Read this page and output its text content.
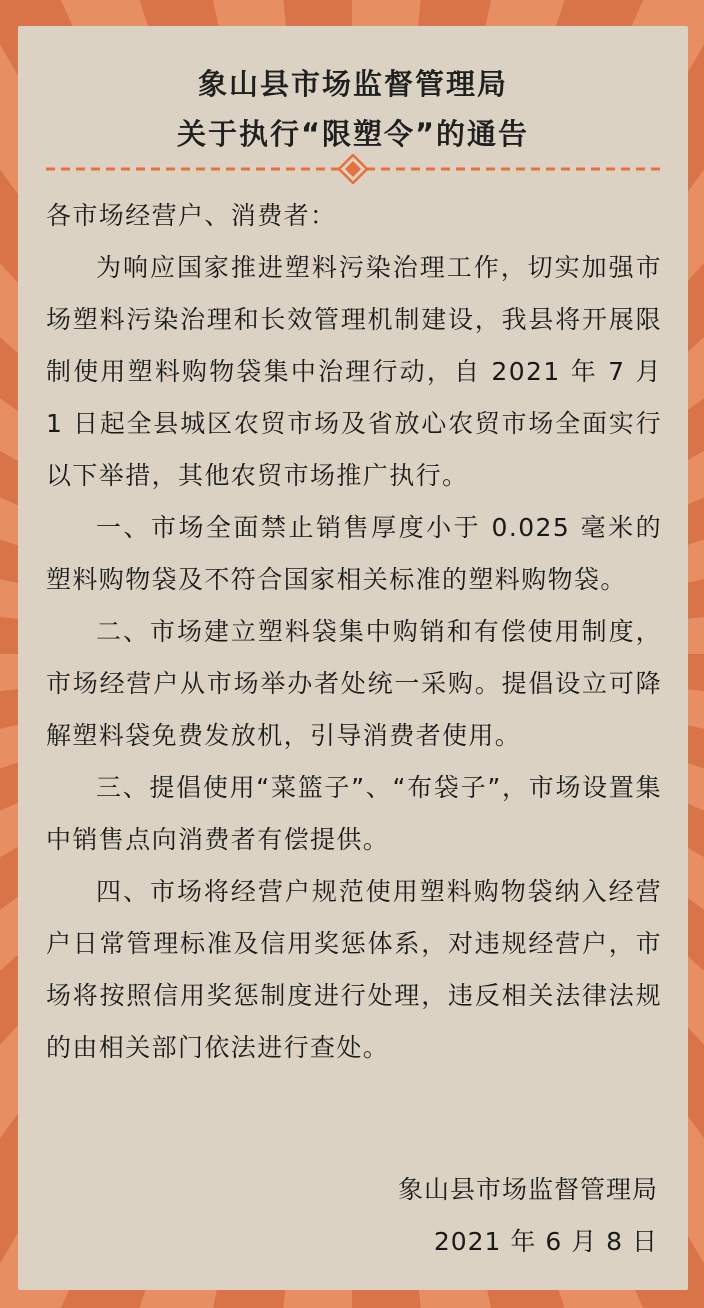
象山县市场监督管理局
关于执行“限塑令”的通告

各市场经营户、消费者：

为响应国家推进塑料污染治理工作，切实加强市场塑料污染治理和长效管理机制建设，我县将开展限制使用塑料购物袋集中治理行动，自 2021 年 7 月 1 日起全县城区农贸市场及省放心农贸市场全面实行以下举措，其他农贸市场推广执行。

一、市场全面禁止销售厚度小于 0.025 毫米的塑料购物袋及不符合国家相关标准的塑料购物袋。

二、市场建立塑料袋集中购销和有偿使用制度，市场经营户从市场举办者处统一采购。提倡设立可降解塑料袋免费发放机，引导消费者使用。

三、提倡使用“菜篮子”、“布袋子”，市场设置集中销售点向消费者有偿提供。

四、市场将经营户规范使用塑料购物袋纳入经营户日常管理标准及信用奖惩体系，对违规经营户，市场将按照信用奖惩制度进行处理，违反相关法律法规的由相关部门依法进行查处。

象山县市场监督管理局
2021 年 6 月 8 日
